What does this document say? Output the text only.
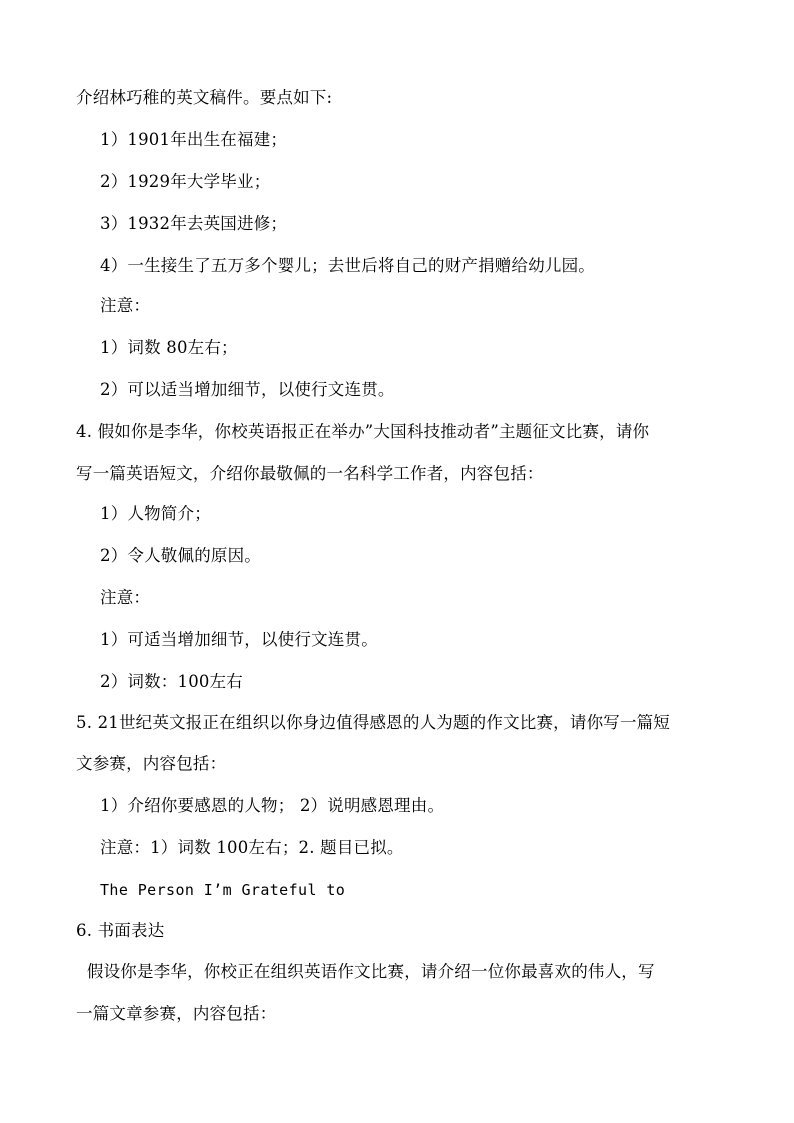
介绍林巧稚的英文稿件。要点如下:
1）1901年出生在福建；
2）1929年大学毕业；
3）1932年去英国进修；
4）一生接生了五万多个婴儿；去世后将自己的财产捐赠给幼儿园。
注意：
1）词数 80左右；
2）可以适当增加细节，以使行文连贯。
4. 假如你是李华，你校英语报正在举办”大国科技推动者”主题征文比赛，请你
写一篇英语短文，介绍你最敬佩的一名科学工作者，内容包括：
1）人物简介；
2）令人敬佩的原因。
注意：
1）可适当增加细节，以使行文连贯。
2）词数：100左右
5. 21世纪英文报正在组织以你身边值得感恩的人为题的作文比赛，请你写一篇短
文参赛，内容包括：
1）介绍你要感恩的人物； 2）说明感恩理由。
注意：1）词数 100左右；2. 题目已拟。
The Person I’m Grateful to
6. 书面表达
假设你是李华，你校正在组织英语作文比赛，请介绍一位你最喜欢的伟人，写
一篇文章参赛，内容包括：
